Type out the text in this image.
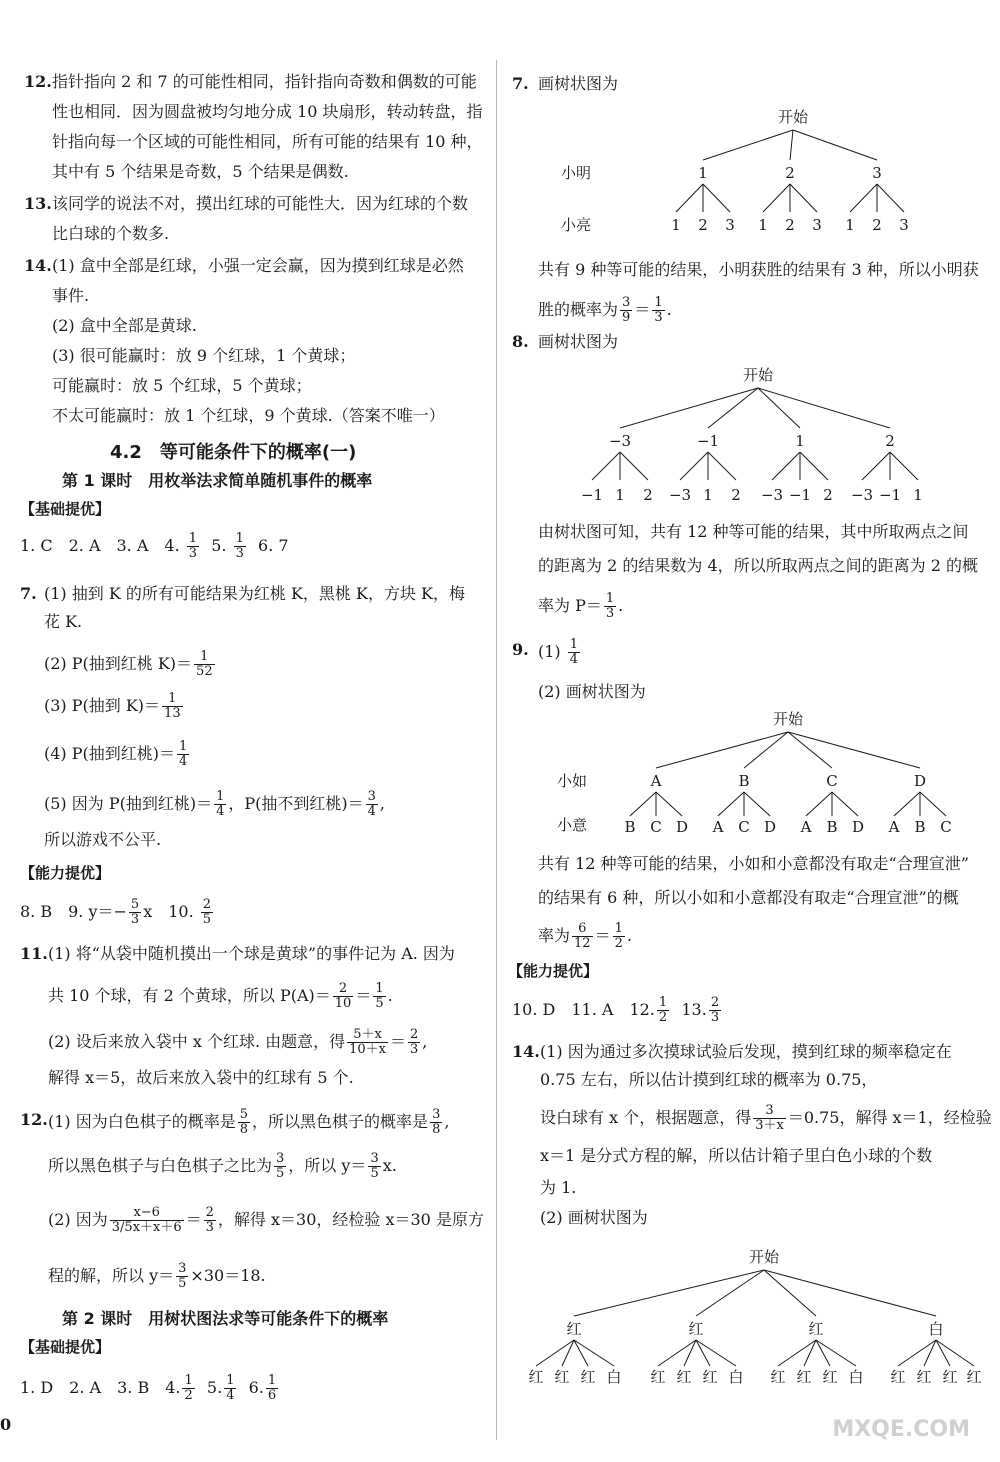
12. 指针指向 2 和 7 的可能性相同，指针指向奇数和偶数的可能
性也相同．因为圆盘被均匀地分成 10 块扇形，转动转盘，指
针指向每一个区域的可能性相同，所有可能的结果有 10 种，
其中有 5 个结果是奇数，5 个结果是偶数.
13. 该同学的说法不对，摸出红球的可能性大．因为红球的个数
比白球的个数多.
14. (1) 盒中全部是红球，小强一定会赢，因为摸到红球是必然
事件.
(2) 盒中全部是黄球.
(3) 很可能赢时：放 9 个红球，1 个黄球；
可能赢时：放 5 个红球，5 个黄球；
不太可能赢时：放 1 个红球，9 个黄球.（答案不唯一）
4.2　等可能条件下的概率(一)
第 1 课时　用枚举法求简单随机事件的概率
【基础提优】
1. C　2. A　3. A　4. $\frac{1}{3} 5$. $\frac{1}{3} 6$. 7
7. (1) 抽到 K 的所有可能结果为红桃 K，黑桃 K，方块 K，梅
花 K.
(2) P(抽到红桃 $K)= \frac{1}{52}$
(3) P(抽到 $K)= \frac{1}{13}$
(4) P(抽到红桃)＝ $\frac{1}{4}$
(5) 因为 P(抽到红桃)＝ $\frac{1}{4}$ ，P(抽不到红桃)＝ $\frac{3}{4}$ ,
所以游戏不公平.
【能力提优】
8. B　9. $y=- \frac{5}{3}$ x　10. $\frac{2}{5}$
11. (1) 将“从袋中随机摸出一个球是黄球”的事件记为 A. 因为
共 10 个球，有 2 个黄球，所以 $P(A)= \frac{2}{10} = \frac{1}{5}$ .
(2) 设后来放入袋中 x 个红球. 由题意，得 $\frac{5+x}{10+x} = \frac{2}{3}$ ,
解得 x＝5，故后来放入袋中的红球有 5 个.
12. (1) 因为白色棋子的概率是 $\frac{5}{8}$ ，所以黑色棋子的概率是 $\frac{3}{8}$ ,
所以黑色棋子与白色棋子之比为 $\frac{3}{5}$ ，所以 $y= \frac{3}{5} x$.
(2) 因为 $\frac{x-6}{3/5x+x+6} = \frac{2}{3}$ ，解得 x＝30，经检验 x＝30 是原方
程的解，所以 $y= \frac{3}{5} \times 30=18$.
第 2 课时　用树状图法求等可能条件下的概率
【基础提优】
1. D　2. A　3. B　4. $\frac{1}{2} 5$. $\frac{1}{4} 6$. $\frac{1}{6}$
0
7. 画树状图为
开始
小明	1	2	3
小亮	1 2 3 1 2 3 1 2 3
共有 9 种等可能的结果，小明获胜的结果有 3 种，所以小明获
胜的概率为 $\frac{3}{9} = \frac{1}{3}$ .
8. 画树状图为
开始
−3	−1	1	2
−1 1 2 −3 1 2 −3 −1 2 −3 −1 1
由树状图可知，共有 12 种等可能的结果，其中所取两点之间
的距离为 2 的结果数为 4，所以所取两点之间的距离为 2 的概
率为 $P= \frac{1}{3}$ .
9. $(1) \frac{1}{4}$
(2) 画树状图为
开始
小如	A	B	C	D
小意 B C D A C D A B D A B C
共有 12 种等可能的结果，小如和小意都没有取走“合理宣泄”
的结果有 6 种，所以小如和小意都没有取走“合理宣泄”的概
率为 $\frac{6}{12} = \frac{1}{2}$ .
【能力提优】
10. D　11. A　12. $\frac{1}{2} 13$. $\frac{2}{3}$
14. (1) 因为通过多次摸球试验后发现，摸到红球的频率稳定在
0.75 左右，所以估计摸到红球的概率为 0.75，
设白球有 x 个，根据题意，得 $\frac{3}{3+x} =0.75$，解得 x＝1，经检验
x＝1 是分式方程的解，所以估计箱子里白色小球的个数
为 1.
(2) 画树状图为
开始
红	红	红	白
红 红 红 白 红 红 红 白 红 红 红 白 红 红 红 红
MXQE.COM
